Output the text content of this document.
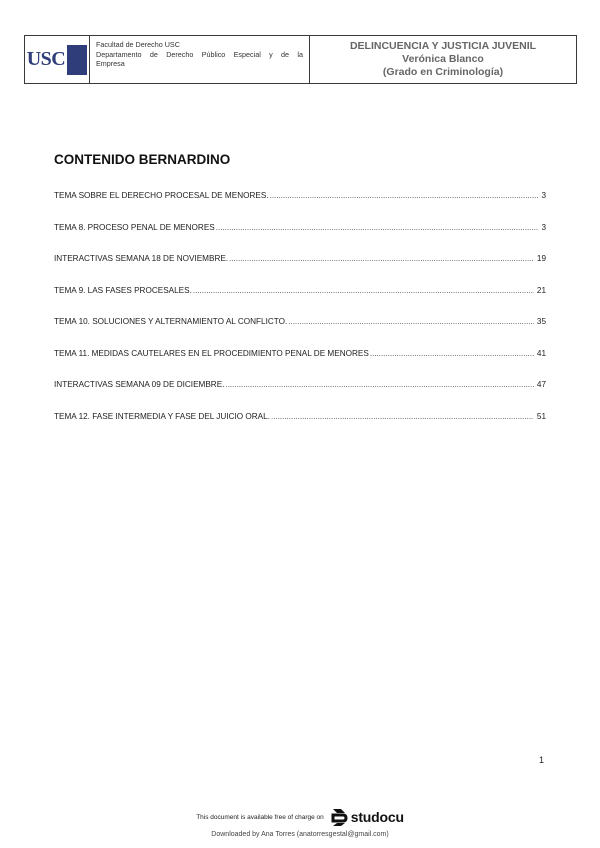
USC
Facultad de Derecho USC
Departamento de Derecho Público Especial y de la
Empresa
DELINCUENCIA Y JUSTICIA JUVENIL
Verónica Blanco
(Grado en Criminología)
CONTENIDO BERNARDINO
TEMA SOBRE EL DERECHO PROCESAL DE MENORES. .....	3
TEMA 8. PROCESO PENAL DE MENORES .....	3
INTERACTIVAS SEMANA 18 DE NOVIEMBRE. .....	19
TEMA 9. LAS FASES PROCESALES. .....	21
TEMA 10. SOLUCIONES Y ALTERNAMIENTO AL CONFLICTO. .....	35
TEMA 11. MEDIDAS CAUTELARES EN EL PROCEDIMIENTO PENAL DE MENORES .....	41
INTERACTIVAS SEMANA 09 DE DICIEMBRE. .....	47
TEMA 12. FASE INTERMEDIA Y FASE DEL JUICIO ORAL. .....	51
1
This document is available free of charge on studocu
Downloaded by Ana Torres (anatorresgestal@gmail.com)
